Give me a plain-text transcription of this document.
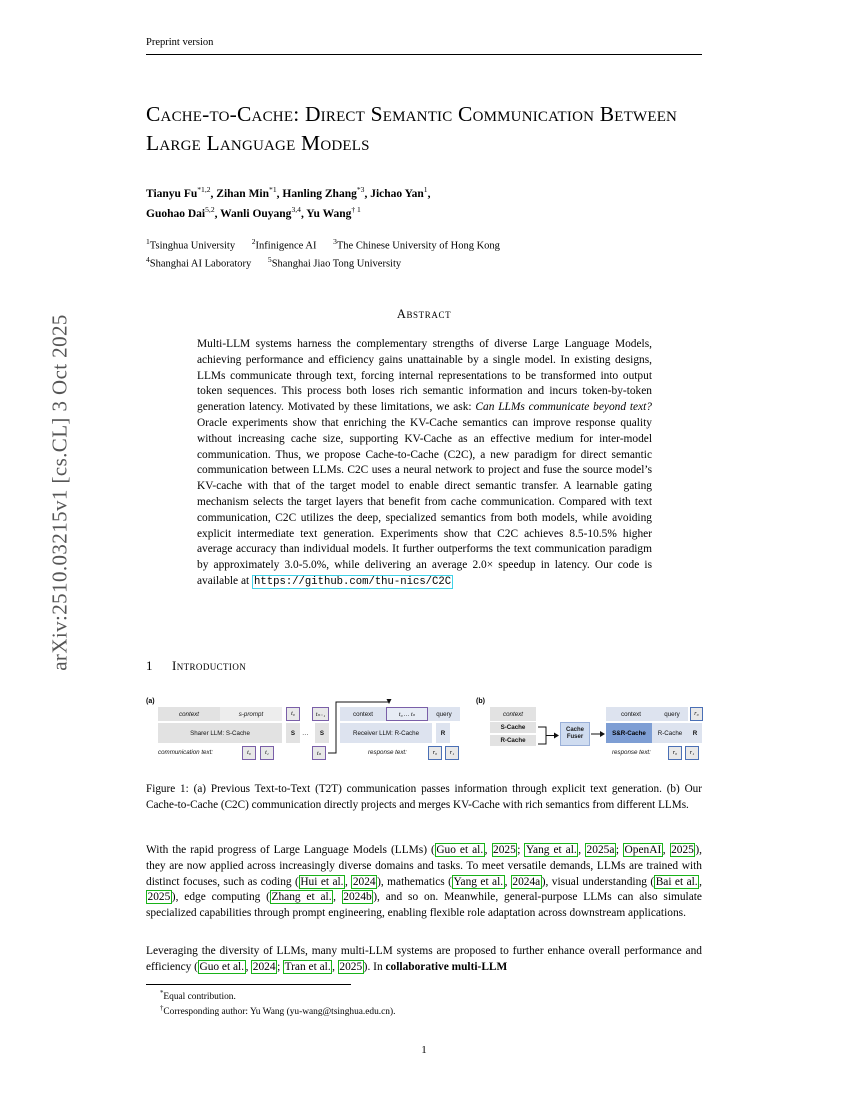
arXiv:2510.03215v1 [cs.CL] 3 Oct 2025
Preprint version
Cache-to-Cache: Direct Semantic Communication Between Large Language Models
Tianyu Fu$^{*1,2}$, Zihan Min$^{*1}$, Hanling Zhang$^{*3}$, Jichao Yan$^1$,
Guohao Dai$^{5,2}$, Wanli Ouyang$^{3,4}$, Yu Wang$^{\dagger 1}$
$^1$Tsinghua University $^2$Infinigence AI $^3$The Chinese University of Hong Kong
$^4$Shanghai AI Laboratory $^5$Shanghai Jiao Tong University
Abstract
Multi-LLM systems harness the complementary strengths of diverse Large Language Models, achieving performance and efficiency gains unattainable by a single model. In existing designs, LLMs communicate through text, forcing internal representations to be transformed into output token sequences. This process both loses rich semantic information and incurs token-by-token generation latency. Motivated by these limitations, we ask: Can LLMs communicate beyond text? Oracle experiments show that enriching the KV-Cache semantics can improve response quality without increasing cache size, supporting KV-Cache as an effective medium for inter-model communication. Thus, we propose Cache-to-Cache (C2C), a new paradigm for direct semantic communication between LLMs. C2C uses a neural network to project and fuse the source model’s KV-cache with that of the target model to enable direct semantic transfer. A learnable gating mechanism selects the target layers that benefit from cache communication. Compared with text communication, C2C utilizes the deep, specialized semantics from both models, while avoiding explicit intermediate text generation. Experiments show that C2C achieves 8.5-10.5% higher average accuracy than individual models. It further outperforms the text communication paradigm by approximately 3.0-5.0%, while delivering an average 2.0× speedup in latency. Our code is available at https://github.com/thu-nics/C2C
1 Introduction
(a)
context	s-prompt	t₀	tₙ₋₁
Sharer LLM: S-Cache	S	…	S
communication text:	t₀	t₁	tₙ
context	t₀ … tₙ	query
Receiver LLM: R-Cache	R
response text:	r₀	r₁
(b)
context
S-Cache
R-Cache
Cache
Fuser
context	query	r₀
S&R-Cache	R-Cache	R
response text:	r₀	r₁
Figure 1: (a) Previous Text-to-Text (T2T) communication passes information through explicit text generation. (b) Our Cache-to-Cache (C2C) communication directly projects and merges KV-Cache with rich semantics from different LLMs.
With the rapid progress of Large Language Models (LLMs) ( Guo et al. , 2025 ; Yang et al. , 2025a ; OpenAI , 2025 ), they are now applied across increasingly diverse domains and tasks. To meet versatile demands, LLMs are trained with distinct focuses, such as coding ( Hui et al. , 2024 ), mathematics ( Yang et al. , 2024a ), visual understanding ( Bai et al. , 2025 ), edge computing ( Zhang et al. , 2024b ), and so on. Meanwhile, general-purpose LLMs can also simulate specialized capabilities through prompt engineering, enabling flexible role adaptation across downstream applications.
Leveraging the diversity of LLMs, many multi-LLM systems are proposed to further enhance overall performance and efficiency ( Guo et al. , 2024 ; Tran et al. , 2025 ). In collaborative multi-LLM
*Equal contribution.
†Corresponding author: Yu Wang (yu-wang@tsinghua.edu.cn).
1
